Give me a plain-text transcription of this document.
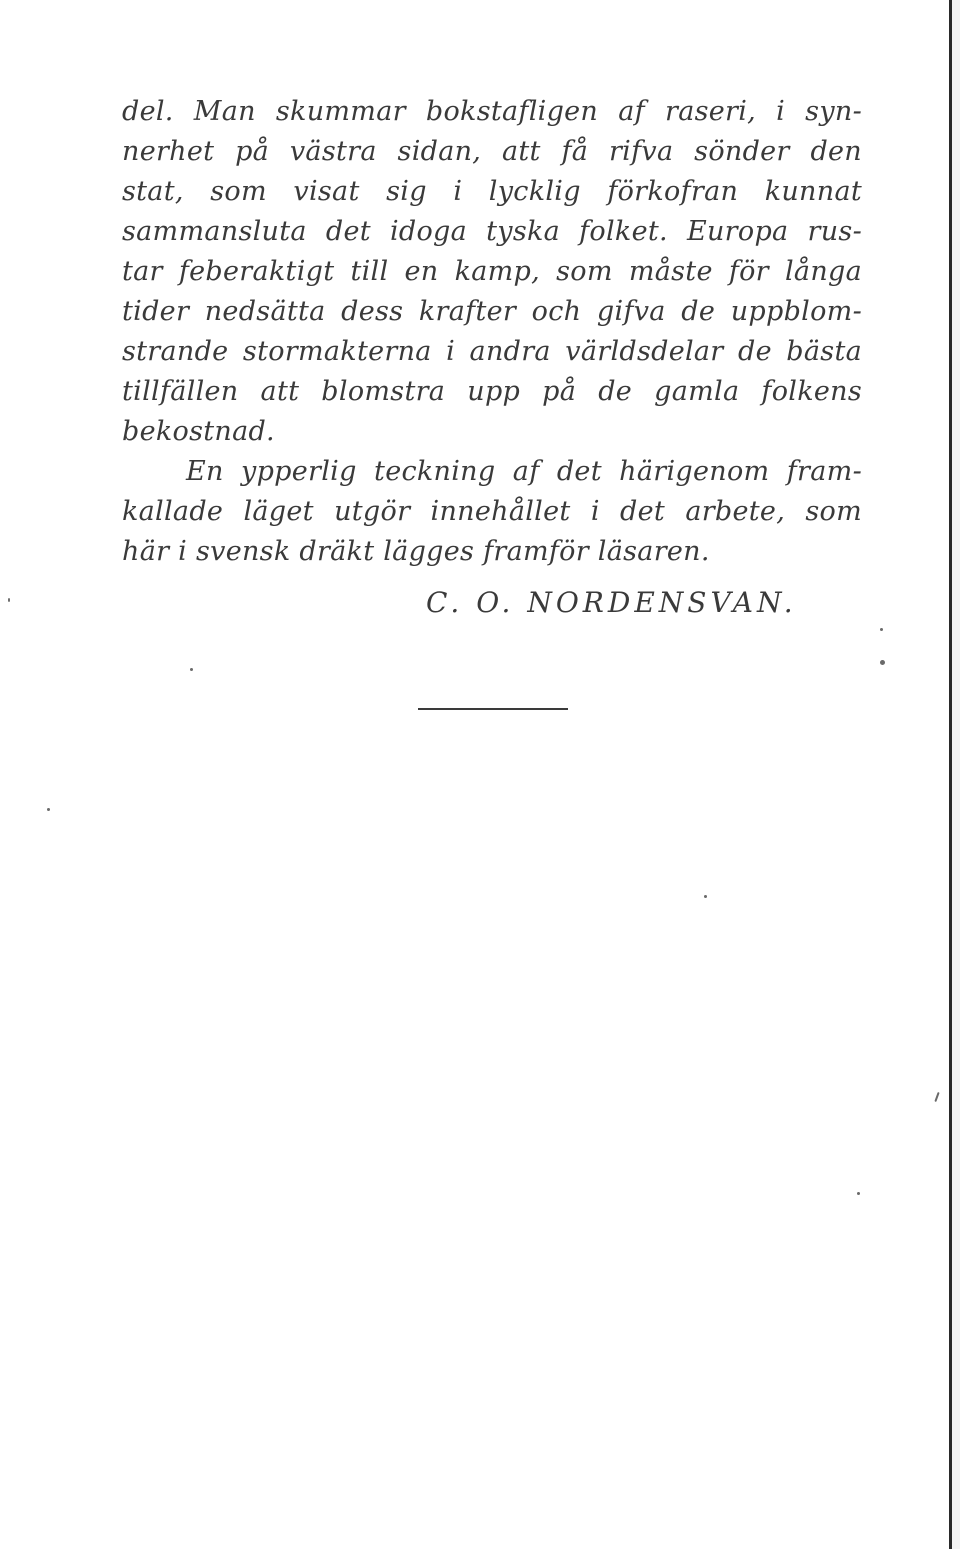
del. Man skummar bokstafligen af raseri, i syn-
nerhet på västra sidan, att få rifva sönder den
stat, som visat sig i lycklig förkofran kunnat
sammansluta det idoga tyska folket. Europa rus-
tar feberaktigt till en kamp, som måste för långa
tider nedsätta dess krafter och gifva de uppblom-
strande stormakterna i andra världsdelar de bästa
tillfällen att blomstra upp på de gamla folkens
bekostnad.
En ypperlig teckning af det härigenom fram-
kallade läget utgör innehållet i det arbete, som
här i svensk dräkt lägges framför läsaren.
C. O. NORDENSVAN.
